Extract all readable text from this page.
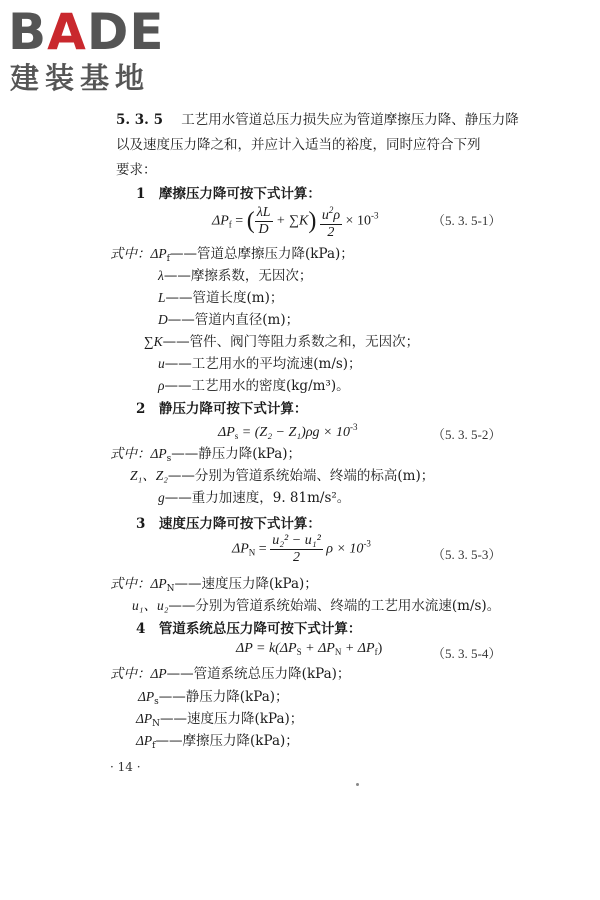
BADE
建装基地
5. 3. 5 工艺用水管道总压力损失应为管道摩擦压力降、静压力降
以及速度压力降之和，并应计入适当的裕度，同时应符合下列
要求：
1　摩擦压力降可按下式计算：
$\Delta P_f$ = ( $\frac{\lambda L}{D} + \sum K) \frac{u^2\rho}{2} \times 10^{-3}$	（5. 3. 5-1）
式中：$\Delta P_f——$管道总摩擦压力降(kPa)；
λ——摩擦系数，无因次；
L——管道长度(m)；
D——管道内直径(m)；
∑K——管件、阀门等阻力系数之和，无因次；
u——工艺用水的平均流速(m/s)；
ρ——工艺用水的密度(kg/m³)。
2　静压力降可按下式计算：
$\Delta P_s = (Z_2 - Z_1)\rho g \times 10^{-3}$	（5. 3. 5-2）
式中：$\Delta P_s——$静压力降(kPa)；
Z₁、Z₂——分别为管道系统始端、终端的标高(m)；
g——重力加速度，9. 81m/s²。
3　速度压力降可按下式计算：
$\Delta P_N = \frac{\text{u₂² − u₁²}}{2}$ $\rho \times 10^{-3}$
（5. 3. 5-3）
式中：$\Delta P_N——$速度压力降(kPa)；
u₁、u₂——分别为管道系统始端、终端的工艺用水流速(m/s)。
4　管道系统总压力降可按下式计算：
$\Delta P = k(\Delta P_S + \Delta P_N + \Delta P_f)$	（5. 3. 5-4）
式中：ΔP——管道系统总压力降(kPa)；
$\Delta P_s——$静压力降(kPa)；
$\Delta P_N——$速度压力降(kPa)；
$\Delta P_f——$摩擦压力降(kPa)；
· 14 ·
